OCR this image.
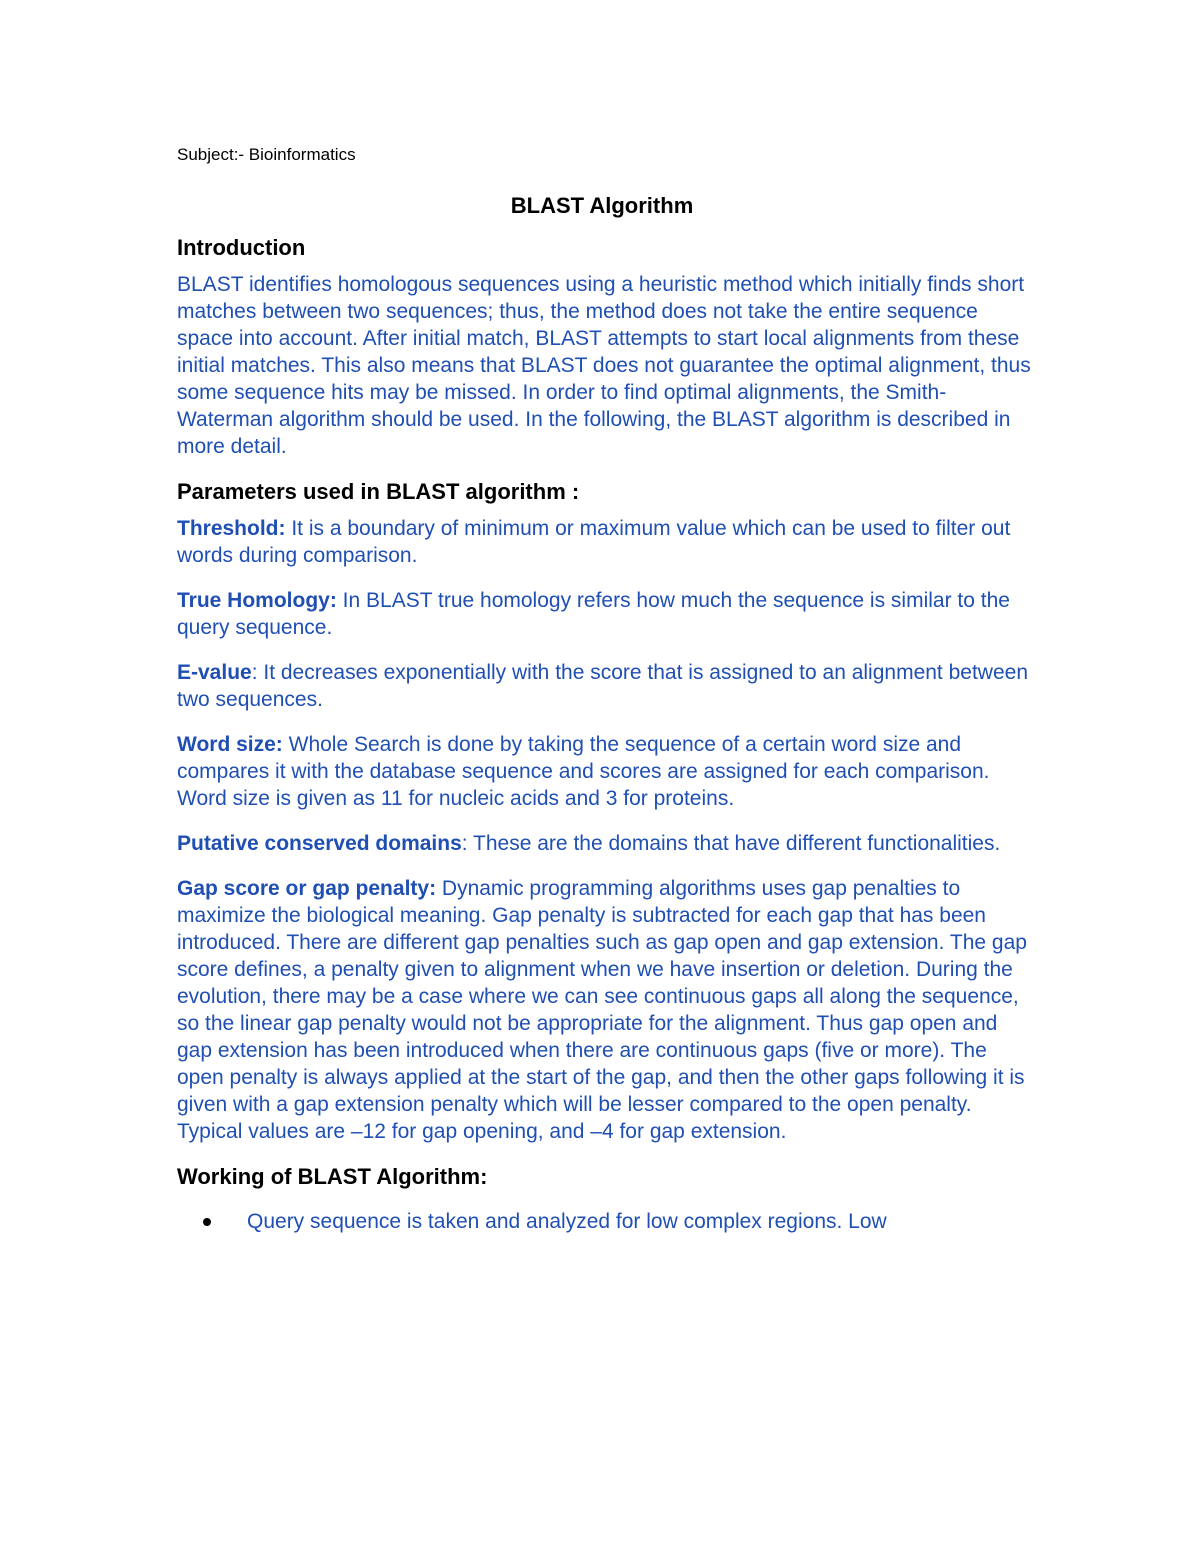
Subject:- Bioinformatics
BLAST Algorithm
Introduction

BLAST identifies homologous sequences using a heuristic method which initially finds short matches between two sequences; thus, the method does not take the entire sequence space into account. After initial match, BLAST attempts to start local alignments from these initial matches. This also means that BLAST does not guarantee the optimal alignment, thus some sequence hits may be missed. In order to find optimal alignments, the Smith-Waterman algorithm should be used. In the following, the BLAST algorithm is described in more detail.

Parameters used in BLAST algorithm :

Threshold: It is a boundary of minimum or maximum value which can be used to filter out words during comparison.

True Homology: In BLAST true homology refers how much the sequence is similar to the query sequence.

E-value: It decreases exponentially with the score that is assigned to an alignment between two sequences.

Word size: Whole Search is done by taking the sequence of a certain word size and compares it with the database sequence and scores are assigned for each comparison. Word size is given as 11 for nucleic acids and 3 for proteins.

Putative conserved domains: These are the domains that have different functionalities.

Gap score or gap penalty: Dynamic programming algorithms uses gap penalties to maximize the biological meaning. Gap penalty is subtracted for each gap that has been introduced. There are different gap penalties such as gap open and gap extension. The gap score defines, a penalty given to alignment when we have insertion or deletion. During the evolution, there may be a case where we can see continuous gaps all along the sequence, so the linear gap penalty would not be appropriate for the alignment. Thus gap open and gap extension has been introduced when there are continuous gaps (five or more). The open penalty is always applied at the start of the gap, and then the other gaps following it is given with a gap extension penalty which will be lesser compared to the open penalty. Typical values are –12 for gap opening, and –4 for gap extension.

Working of BLAST Algorithm:
Query sequence is taken and analyzed for low complex regions. Low
